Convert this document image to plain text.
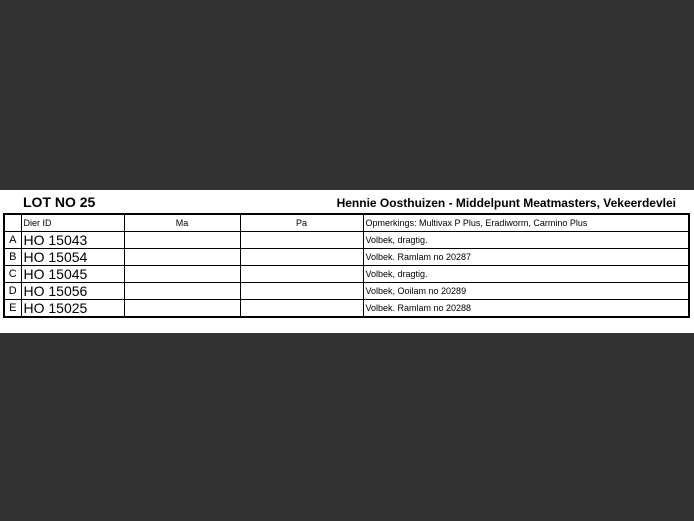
LOT NO 25	Hennie Oosthuizen - Middelpunt Meatmasters, Vekeerdevlei
	Dier ID	Ma	Pa	Opmerkings: Multivax P Plus, Eradiworm, Carmino Plus
A	HO 15043			Volbek, dragtig.
B	HO 15054			Volbek. Ramlam no 20287
C	HO 15045			Volbek, dragtig.
D	HO 15056			Volbek, Ooilam no 20289
E	HO 15025			Volbek. Ramlam no 20288
